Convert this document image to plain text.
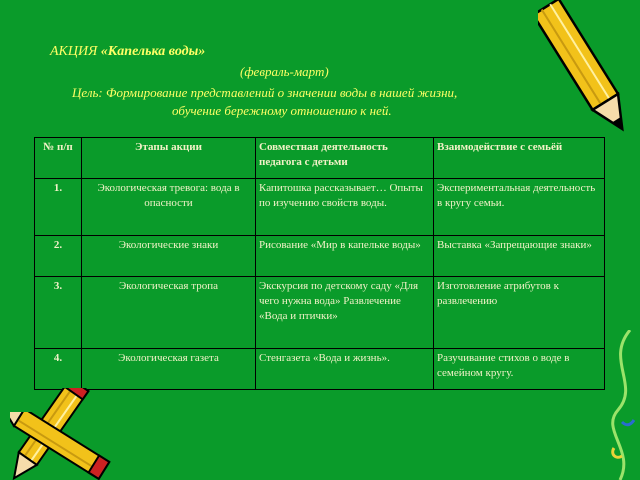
АКЦИЯ «Капелька воды»
(февраль-март)
Цель: Формирование представлений о значении воды в нашей жизни,
обучение бережному отношению к ней.
№ п/п	Этапы акции	Совместная деятельность педагога с детьми	Взаимодействие с семьёй
1.	Экологическая тревога: вода в опасности	Капитошка рассказывает… Опыты по изучению свойств воды.	Экспериментальная деятельность в кругу семьи.
2.	Экологические знаки	Рисование «Мир в капельке воды»	Выставка «Запрещающие знаки»
3.	Экологическая тропа	Экскурсия по детскому саду «Для чего нужна вода» Развлечение «Вода и птички»	Изготовление атрибутов к развлечению
4.	Экологическая газета	Стенгазета «Вода и жизнь».	Разучивание стихов о воде в семейном кругу.
